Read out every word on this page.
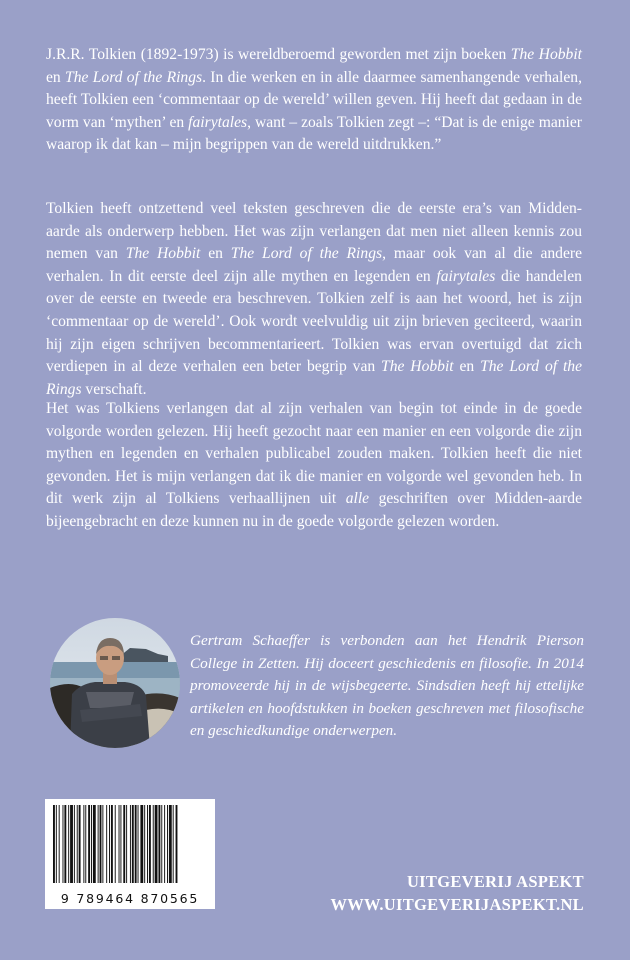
J.R.R. Tolkien (1892-1973) is wereldberoemd geworden met zijn boeken The Hobbit en The Lord of the Rings. In die werken en in alle daarmee samenhangende verhalen, heeft Tolkien een ‘commentaar op de wereld’ willen geven. Hij heeft dat gedaan in de vorm van ‘mythen’ en fairytales, want – zoals Tolkien zegt –: “Dat is de enige manier waarop ik dat kan – mijn begrippen van de wereld uitdrukken.”

Tolkien heeft ontzettend veel teksten geschreven die de eerste era’s van Midden-aarde als onderwerp hebben. Het was zijn verlangen dat men niet alleen kennis zou nemen van The Hobbit en The Lord of the Rings, maar ook van al die andere verhalen. In dit eerste deel zijn alle mythen en legenden en fairytales die handelen over de eerste en tweede era beschreven. Tolkien zelf is aan het woord, het is zijn ‘commentaar op de wereld’. Ook wordt veelvuldig uit zijn brieven geciteerd, waarin hij zijn eigen schrijven becommentarieert. Tolkien was ervan overtuigd dat zich verdiepen in al deze verhalen een beter begrip van The Hobbit en The Lord of the Rings verschaft.

Het was Tolkiens verlangen dat al zijn verhalen van begin tot einde in de goede volgorde worden gelezen. Hij heeft gezocht naar een manier en een volgorde die zijn mythen en legenden en verhalen publicabel zouden maken. Tolkien heeft die niet gevonden. Het is mijn verlangen dat ik die manier en volgorde wel gevonden heb. In dit werk zijn al Tolkiens verhaallijnen uit alle geschriften over Midden-aarde bijeengebracht en deze kunnen nu in de goede volgorde gelezen worden.

Gertram Schaeffer is verbonden aan het Hendrik Pierson College in Zetten. Hij doceert geschiedenis en filosofie. In 2014 promoveerde hij in de wijsbegeerte. Sindsdien heeft hij ettelijke artikelen en hoofdstukken in boeken geschreven met filosofische en geschiedkundige onderwerpen.

9 789464 870565
UITGEVERIJ ASPEKT
WWW.UITGEVERIJASPEKT.NL
